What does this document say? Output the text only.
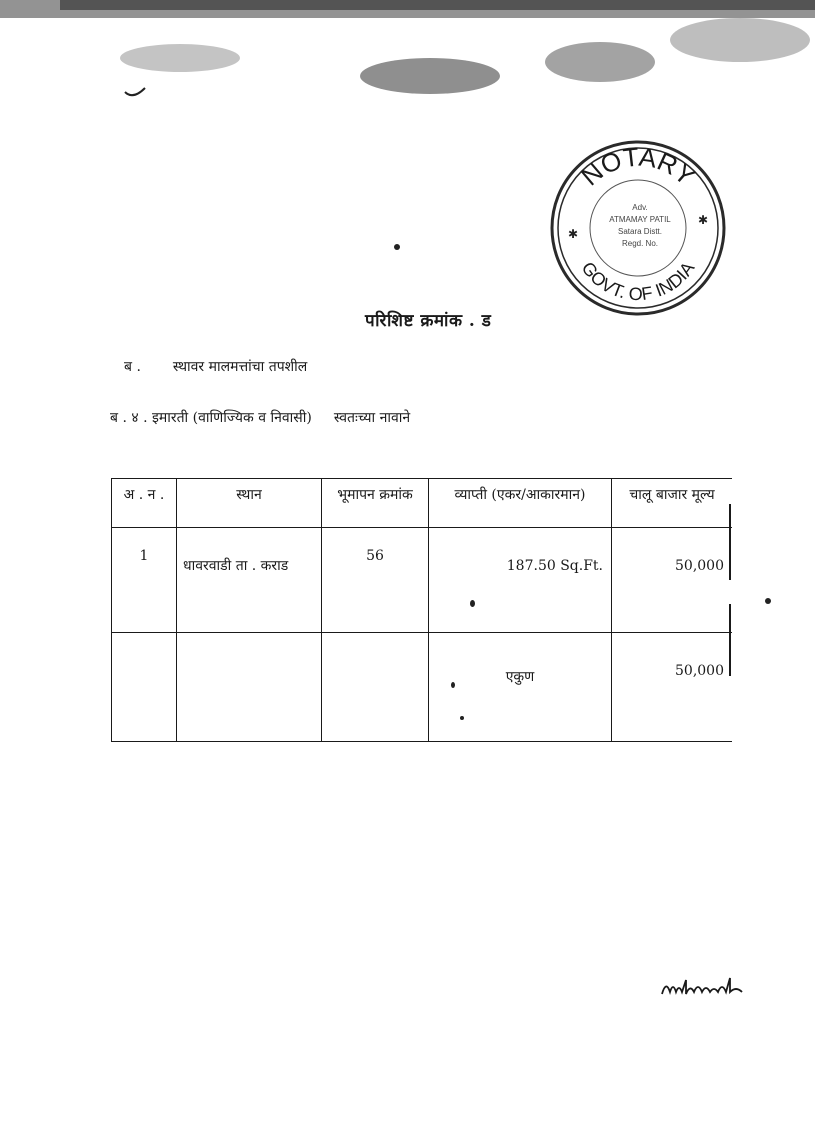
NOTARY
GOVT. OF INDIA
✱
✱
Adv.
ATMAMAY PATIL
Satara Distt.
Regd. No.
परिशिष्ट क्रमांक . ड
ब . स्थावर मालमत्तांचा तपशील
ब . ४ . इमारती (वाणिज्यिक व निवासी) स्वतःच्या नावाने
अ . न .	स्थान	भूमापन क्रमांक	व्याप्ती (एकर/आकारमान)	चालू बाजार मूल्य
1	धावरवाडी ता . कराड	56	187.50 Sq.Ft.	50,000
			एकुण	50,000
